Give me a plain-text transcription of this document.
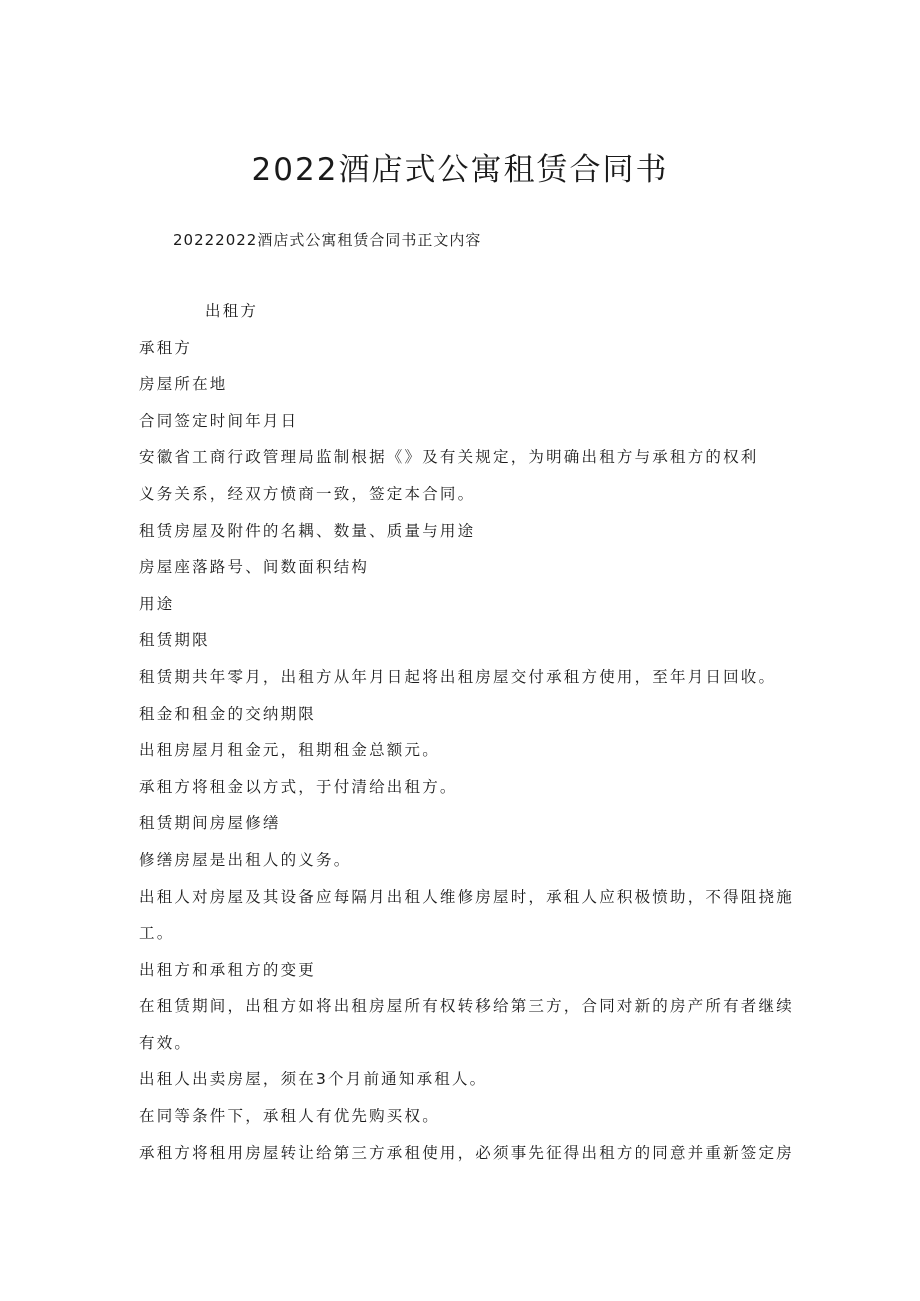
2022酒店式公寓租赁合同书

20222022酒店式公寓租赁合同书正文内容

出租方
承租方
房屋所在地
合同签定时间年月日
安徽省工商行政管理局监制根据《》及有关规定，为明确出租方与承租方的权利
义务关系，经双方愤商一致，签定本合同。
租赁房屋及附件的名耦、数量、质量与用途
房屋座落路号、间数面积结构
用途
租赁期限
租赁期共年零月，出租方从年月日起将出租房屋交付承租方使用，至年月日回收。
租金和租金的交纳期限
出租房屋月租金元，租期租金总额元。
承租方将租金以方式，于付清给出租方。
租赁期间房屋修缮
修缮房屋是出租人的义务。
出租人对房屋及其设备应每隔月出租人维修房屋时，承租人应积极愤助，不得阻挠施
工。
出租方和承租方的变更
在租赁期间，出租方如将出租房屋所有权转移给第三方，合同对新的房产所有者继续
有效。
出租人出卖房屋，须在3个月前通知承租人。
在同等条件下，承租人有优先购买权。
承租方将租用房屋转让给第三方承租使用，必须事先征得出租方的同意并重新签定房
